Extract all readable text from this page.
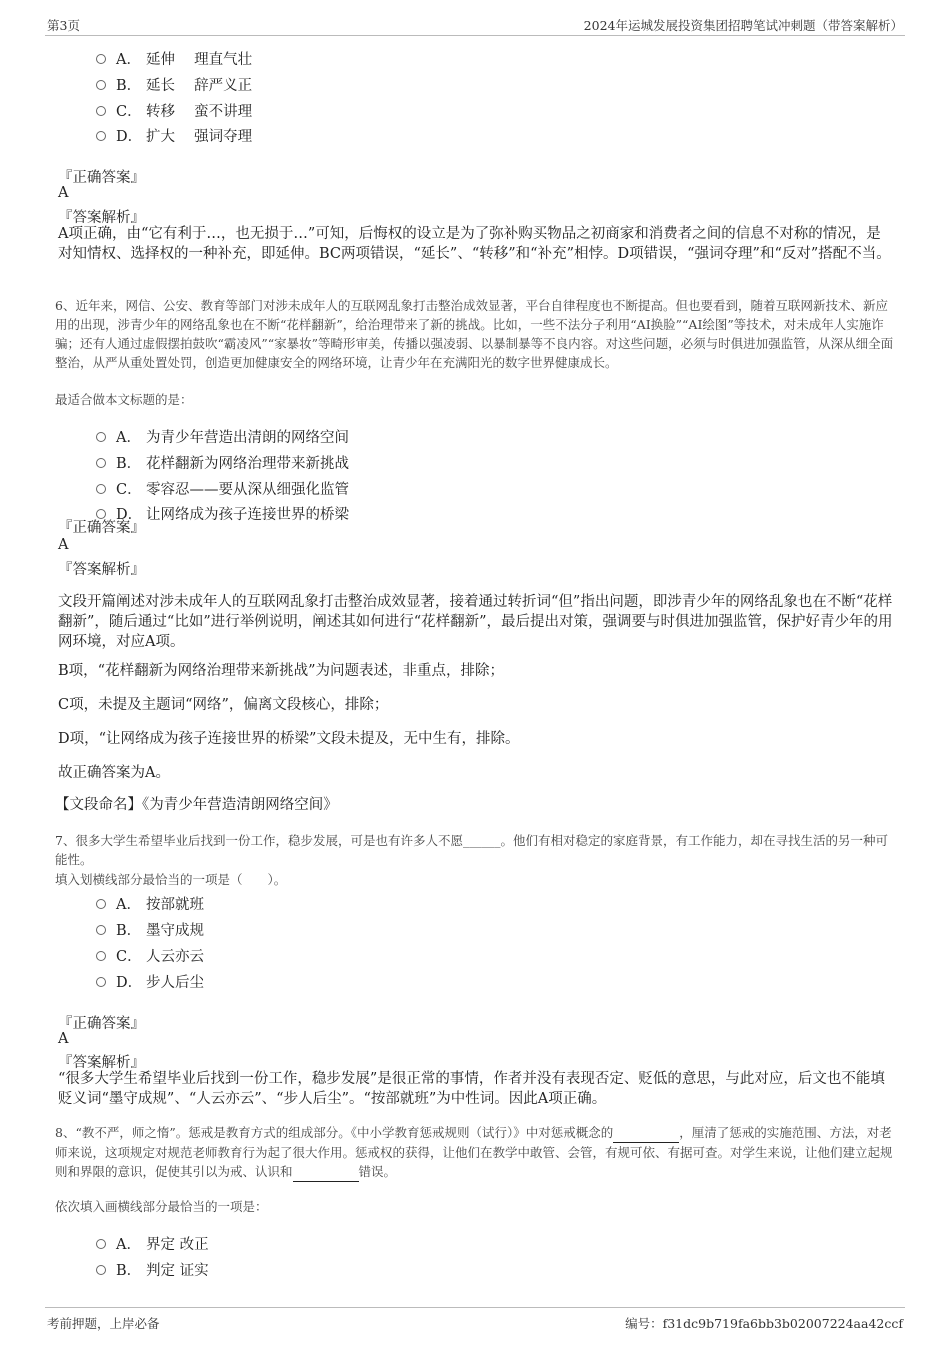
第3页	2024年运城发展投资集团招聘笔试冲刺题（带答案解析）
A． 延伸　 理直气壮
B． 延长　 辞严义正
C． 转移　 蛮不讲理
D． 扩大　 强词夺理
『正确答案』
A
『答案解析』
A项正确，由“它有利于…，也无损于…”可知，后悔权的设立是为了弥补购买物品之初商家和消费者之间的信息不对称的情况，是对知情权、选择权的一种补充，即延伸。BC两项错误，“延长”、“转移”和“补充”相悖。D项错误，“强词夺理”和“反对”搭配不当。
6、近年来，网信、公安、教育等部门对涉未成年人的互联网乱象打击整治成效显著，平台自律程度也不断提高。但也要看到，随着互联网新技术、新应用的出现，涉青少年的网络乱象也在不断“花样翻新”，给治理带来了新的挑战。比如，一些不法分子利用“AI换脸”“AI绘图”等技术，对未成年人实施诈骗；还有人通过虚假摆拍鼓吹“霸凌风”“家暴妆”等畸形审美，传播以强凌弱、以暴制暴等不良内容。对这些问题，必须与时俱进加强监管，从深从细全面整治，从严从重处置处罚，创造更加健康安全的网络环境，让青少年在充满阳光的数字世界健康成长。
最适合做本文标题的是：
A． 为青少年营造出清朗的网络空间
B． 花样翻新为网络治理带来新挑战
C． 零容忍——要从深从细强化监管
D． 让网络成为孩子连接世界的桥梁
『正确答案』
A
『答案解析』
文段开篇阐述对涉未成年人的互联网乱象打击整治成效显著，接着通过转折词“但”指出问题，即涉青少年的网络乱象也在不断“花样翻新”，随后通过“比如”进行举例说明，阐述其如何进行“花样翻新”，最后提出对策，强调要与时俱进加强监管，保护好青少年的用网环境，对应A项。
B项，“花样翻新为网络治理带来新挑战”为问题表述，非重点，排除；
C项，未提及主题词“网络”，偏离文段核心，排除；
D项，“让网络成为孩子连接世界的桥梁”文段未提及，无中生有，排除。
故正确答案为A。
【文段命名】《为青少年营造清朗网络空间》
7、很多大学生希望毕业后找到一份工作，稳步发展，可是也有许多人不愿______。他们有相对稳定的家庭背景，有工作能力，却在寻找生活的另一种可能性。
填入划横线部分最恰当的一项是（　　）。
A． 按部就班
B． 墨守成规
C． 人云亦云
D． 步人后尘
『正确答案』
A
『答案解析』
“很多大学生希望毕业后找到一份工作，稳步发展”是很正常的事情，作者并没有表现否定、贬低的意思，与此对应，后文也不能填贬义词“墨守成规”、“人云亦云”、“步人后尘”。“按部就班”为中性词。因此A项正确。
8、“教不严，师之惰”。惩戒是教育方式的组成部分。《中小学教育惩戒规则（试行）》中对惩戒概念的	，厘清了惩戒的实施范围、方法，对老师来说，这项规定对规范老师教育行为起了很大作用。惩戒权的获得，让他们在教学中敢管、会管，有规可依、有据可查。对学生来说，让他们建立起规则和界限的意识，促使其引以为戒、认识和	错误。
依次填入画横线部分最恰当的一项是：
A． 界定 改正
B． 判定 证实
考前押题，上岸必备	编号：f31dc9b719fa6bb3b02007224aa42ccf
